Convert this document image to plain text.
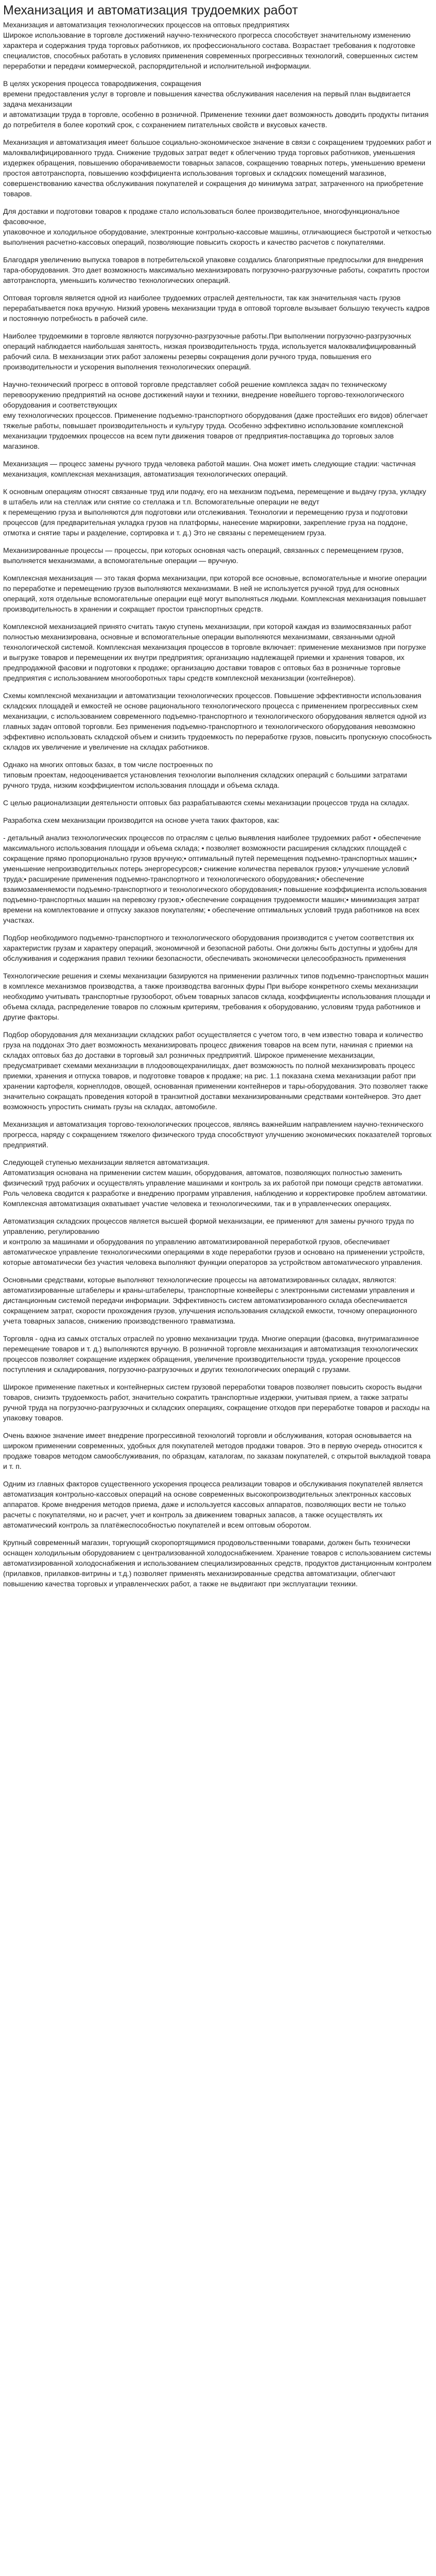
Механизация и автоматизация трудоемких работ

Механизация и автоматизация технологических процессов на оптовых предприятиях

Широкое использование в торговле достижений научно-технического прогресса способствует значительному изменению характера и содержания труда торговых работников, их профессионального состава. Возрастает требования к подготовке специалистов, способных работать в условиях применения современных прогрессивных технологий, совершенных систем переработки и передачи коммерческой, распорядительной и исполнительной информации.

В целях ускорения процесса товародвижения, сокращения
времени предоставления услуг в торговле и повышения качества обслуживания населения на первый план выдвигается задача механизации
и автоматизации труда в торговле, особенно в розничной. Применение техники дает возможность доводить продукты питания до потребителя в более короткий срок, с сохранением питательных свойств и вкусовых качеств.

Механизация и автоматизация имеет большое социально-экономическое значение в связи с сокращением трудоемких работ и малоквалифицированного труда. Снижение трудовых затрат ведет к облегчению труда торговых работников, уменьшения издержек обращения, повышению оборачиваемости товарных запасов, сокращению товарных потерь, уменьшению времени простоя автотранспорта, повышению коэффициента использования торговых и складских помещений магазинов, совершенствованию качества обслуживания покупателей и сокращения до минимума затрат, затраченного на приобретение товаров.

Для доставки и подготовки товаров к продаже стало использоваться более производительное, многофункциональное фасовочное,
упаковочное и холодильное оборудование, электронные контрольно-кассовые машины, отличающиеся быстротой и четкостью выполнения расчетно-кассовых операций, позволяющие повысить скорость и качество расчетов с покупателями.

Благодаря увеличению выпуска товаров в потребительской упаковке создались благоприятные предпосылки для внедрения тара-оборудования. Это дает возможность максимально механизировать погрузочно-разгрузочные работы, сократить простои автотранспорта, уменьшить количество технологических операций.

Оптовая торговля является одной из наиболее трудоемких отраслей деятельности, так как значительная часть грузов перерабатывается пока вручную. Низкий уровень механизации труда в оптовой торговле вызывает большую текучесть кадров и постоянную потребность в рабочей силе.

Наиболее трудоемкими в торговле являются погрузочно-разгрузочные работы.При выполнении погрузочно-разгрузочных операций наблюдается наибольшая занятость, низкая производительность труда, используется малоквалифицированный рабочий сила. В механизации этих работ заложены резервы сокращения доли ручного труда, повышения его производительности и ускорения выполнения технологических операций.

Научно-технический прогресс в оптовой торговле представляет собой решение комплекса задач по техническому перевооружению предприятий на основе достижений науки и техники, внедрение новейшего торгово-технологического оборудования и соответствующих
ему технологических процессов. Применение подъемно-транспортного оборудования (даже простейших его видов) облегчает тяжелые работы, повышает производительность и культуру труда. Особенно эффективно использование комплексной механизации трудоемких процессов на всем пути движения товаров от предприятия-поставщика до торговых залов магазинов.

Механизация — процесс замены ручного труда человека работой машин. Она может иметь следующие стадии: частичная механизация, комплексная механизация, автоматизация технологических операций.

К основным операциям относят связанные труд или подачу, его на механизм подъема, перемещение и выдачу груза, укладку в штабель или на стеллаж или снятие со стеллажа и т.п. Вспомогательные операции не ведут
к перемещению груза и выполняются для подготовки или отслеживания. Технологии и перемещению груза и подготовки процессов (для предварительная укладка грузов на платформы, нанесение маркировки, закрепление груза на поддоне, отмотка и снятие тары и разделение, сортировка и т. д.) Это не связаны с перемещением груза.

Механизированные процессы — процессы, при которых основная часть операций, связанных с перемещением грузов, выполняется механизмами, а вспомогательные операции — вручную.

Комплексная механизация — это такая форма механизации, при которой все основные, вспомогательные и многие операции по переработке и перемещению грузов выполняются механизмами. В ней не используется ручной труд для основных операций, хотя отдельные вспомогательные операции ещё могут выполняться людьми. Комплексная механизация повышает производительность в хранении и сокращает простои транспортных средств.

Комплексной механизацией принято считать такую ступень механизации, при которой каждая из взаимосвязанных работ полностью механизирована, основные и вспомогательные операции выполняются механизмами, связанными одной технологической системой. Комплексная механизация процессов в торговле включает: применение механизмов при погрузке и выгрузке товаров и перемещении их внутри предприятия; организацию надлежащей приемки и хранения товаров, их предпродажной фасовки и подготовки к продаже; организацию доставки товаров с оптовых баз в розничные торговые предприятия с использованием многооборотных тары средств комплексной механизации (контейнеров).

Схемы комплексной механизации и автоматизации технологических процессов. Повышение эффективности использования складских площадей и емкостей не основе рационального технологического процесса с применением прогрессивных схем механизации, с использованием современного подъемно-транспортного и технологического оборудования является одной из главных задач оптовой торговли. Без применения подъемно-транспортного и технологического оборудования невозможно эффективно использовать складской объем и снизить трудоемкость по переработке грузов, повысить пропускную способность складов их увеличение и увеличение на складах работников.

Однако на многих оптовых базах, в том числе построенных по
типовым проектам, недооценивается установления технологии выполнения складских операций с большими затратами ручного труда, низким коэффициентом использования площади и объема склада.

С целью рационализации деятельности оптовых баз разрабатываются схемы механизации процессов труда на складах.

Разработка схем механизации производится на основе учета таких факторов, как:

- детальный анализ технологических процессов по отраслям с целью выявления наиболее трудоемких работ • обеспечение максимального использования площади и объема склада; • позволяет возможности расширения складских площадей с сокращение прямо пропорционально грузов вручную;• оптимальный путей перемещения подъемно-транспортных машин;• уменьшение непроизводительных потерь энергоресурсов;• снижение количества перевалок грузов;• улучшение условий труда;• расширение применения подъемно-транспортного и технологического оборудования;• обеспечение взаимозаменяемости подъемно-транспортного и технологического оборудования;• повышение коэффициента использования подъемно-транспортных машин на перевозку грузов;• обеспечение сокращения трудоемкости машин;• минимизация затрат времени на комплектование и отпуску заказов покупателям; • обеспечение оптимальных условий труда работников на всех участках.

Подбор необходимого подъемно-транспортного и технологического оборудования производится с учетом соответствия их характеристик грузам и характеру операций, экономичной и безопасной работы. Они должны быть доступны и удобны для обслуживания и содержания правил техники безопасности, обеспечивать экономически целесообразность применения

Технологические решения и схемы механизации базируются на применении различных типов подъемно-транспортных машин в комплексе механизмов производства, а также производства вагонных фуры При выборе конкретного схемы механизации необходимо учитывать транспортные грузооборот, объем товарных запасов склада, коэффициенты использования площади и объема склада, распределение товаров по сложным критериям, требования к оборудованию, условиям труда работников и другие факторы.

Подбор оборудования для механизации складских работ осуществляется с учетом того, в чем известно товара и количество груза на поддонах Это дает возможность механизировать процесс движения товаров на всем пути, начиная с приемки на складах оптовых баз до доставки в торговый зал розничных предприятий. Широкое применение механизации, предусматривает схемами механизации в плодоовощехранилищах, дает возможность по полной механизировать процесс приемки, хранения и отпуска товаров, и подготовке товаров к продаже; на рис. 1.1 показана схема механизации работ при хранении картофеля, корнеплодов, овощей, основанная применении контейнеров и тары-оборудования. Это позволяет также значительно сокращать проведения которой в транзитной доставки механизированными средствами контейнеров. Это дает возможность упростить снимать грузы на складах, автомобиле.

Механизация и автоматизация торгово-технологических процессов, являясь важнейшим направлением научно-технического прогресса, наряду с сокращением тяжелого физического труда способствуют улучшению экономических показателей торговых предприятий.

Следующей ступенью механизации является автоматизация.
Автоматизация основана на применении систем машин, оборудования, автоматов, позволяющих полностью заменить физический труд рабочих и осуществлять управление машинами и контроль за их работой при помощи средств автоматики. Роль человека сводится к разработке и внедрению программ управления, наблюдению и корректировке проблем автоматики. Комплексная автоматизация охватывает участие человека и технологическими, так и в управленческих операциях.

Автоматизация складских процессов является высшей формой механизации, ее применяют для замены ручного труда по управлению, регулированию
и контролю за машинами и оборудования по управлению автоматизированной переработкой грузов, обеспечивает автоматическое управление технологическими операциями в ходе переработки грузов и основано на применении устройств, которые автоматически без участия человека выполняют функции операторов за устройством автоматического управления.

Основными средствами, которые выполняют технологические процессы на автоматизированных складах, являются: автоматизированные штабелеры и краны-штабелеры, транспортные конвейеры с электронными системами управления и дистанционным системой передачи информации. Эффективность систем автоматизированного склада обеспечивается сокращением затрат, скорости прохождения грузов, улучшения использования складской емкости, точному операционного учета товарных запасов, снижению производственного травматизма.

Торговля - одна из самых отсталых отраслей по уровню механизации труда. Многие операции (фасовка, внутримагазинное перемещение товаров и т. д.) выполняются вручную. В розничной торговле механизация и автоматизация технологических процессов позволяет сокращение издержек обращения, увеличение производительности труда, ускорение процессов поступления и складирования, погрузочно-разгрузочных и других технологических операций с грузами.

Широкое применение пакетных и контейнерных систем грузовой переработки товаров позволяет повысить скорость выдачи товаров, снизить трудоемкость работ, значительно сократить транспортные издержки, учитывая прием, а также затраты ручной труда на погрузочно-разгрузочных и складских операциях, сокращение отходов при переработке товаров и расходы на упаковку товаров.

Очень важное значение имеет внедрение прогрессивной технологий торговли и обслуживания, которая основывается на широком применении современных, удобных для покупателей методов продажи товаров. Это в первую очередь относится к продаже товаров методом самообслуживания, по образцам, каталогам, по заказам покупателей, с открытой выкладкой товара и т. п.

Одним из главных факторов существенного ускорения процесса реализации товаров и обслуживания покупателей является автоматизация контрольно-кассовых операций на основе современных высокопроизводительных электронных кассовых аппаратов. Кроме внедрения методов приема, даже и используется кассовых аппаратов, позволяющих вести не только расчеты с покупателями, но и расчет, учет и контроль за движением товарных запасов, а также осуществлять их автоматический контроль за платёжеспособностью покупателей и всем оптовым оборотом.

Крупный современный магазин, торгующий скоропортящимися продовольственными товарами, должен быть технически оснащен холодильным оборудованием с централизованной холодоснабжением. Хранение товаров с использованием системы автоматизированной холодоснабжения и использованием специализированных средств, продуктов дистанционным контролем (прилавков, прилавков-витрины и т.д.) позволяет применять механизированные средства автоматизации, облегчают повышению качества торговых и управленческих работ, а также не выдвигают при эксплуатации техники.
